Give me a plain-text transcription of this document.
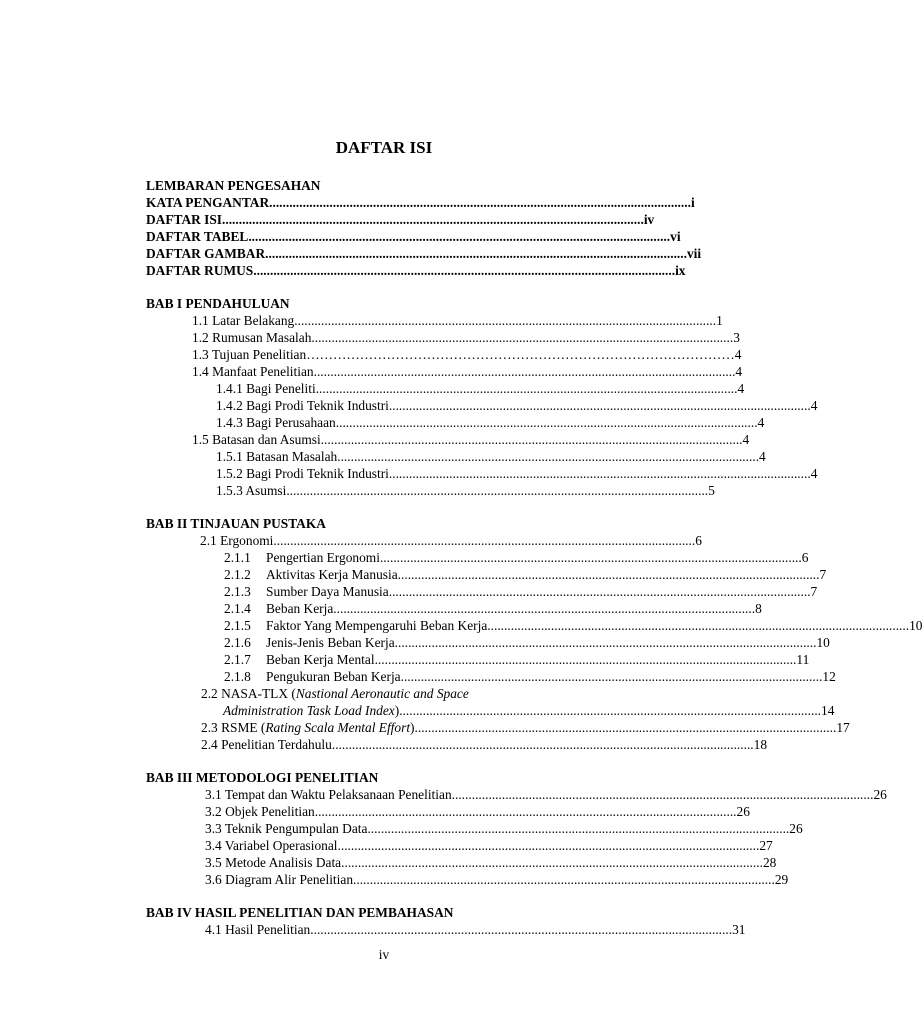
DAFTAR ISI
LEMBARAN PENGESAHAN
KATA PENGANTAR .............................................................................................................................. i
DAFTAR ISI .............................................................................................................................. iv
DAFTAR TABEL .............................................................................................................................. vi
DAFTAR GAMBAR .............................................................................................................................. vii
DAFTAR RUMUS .............................................................................................................................. ix
BAB I PENDAHULUAN
1.1 Latar Belakang .............................................................................................................................. 1
1.2 Rumusan Masalah .............................................................................................................................. 3
1.3 Tujuan Penelitian …………………………………………………………………………………… 4
1.4 Manfaat Penelitian .............................................................................................................................. 4
1.4.1 Bagi Peneliti .............................................................................................................................. 4
1.4.2 Bagi Prodi Teknik Industri .............................................................................................................................. 4
1.4.3 Bagi Perusahaan .............................................................................................................................. 4
1.5 Batasan dan Asumsi .............................................................................................................................. 4
1.5.1 Batasan Masalah .............................................................................................................................. 4
1.5.2 Bagi Prodi Teknik Industri .............................................................................................................................. 4
1.5.3 Asumsi .............................................................................................................................. 5
BAB II TINJAUAN PUSTAKA
2.1 Ergonomi .............................................................................................................................. 6
2.1.1 Pengertian Ergonomi .............................................................................................................................. 6
2.1.2 Aktivitas Kerja Manusia .............................................................................................................................. 7
2.1.3 Sumber Daya Manusia .............................................................................................................................. 7
2.1.4 Beban Kerja .............................................................................................................................. 8
2.1.5 Faktor Yang Mempengaruhi Beban Kerja .............................................................................................................................. 10
2.1.6 Jenis-Jenis Beban Kerja .............................................................................................................................. 10
2.1.7 Beban Kerja Mental .............................................................................................................................. 11
2.1.8 Pengukuran Beban Kerja .............................................................................................................................. 12
2.2 NASA-TLX (Nastional Aeronautic and Space
Administration Task Load Index) .............................................................................................................................. 14
2.3 RSME (Rating Scala Mental Effort) .............................................................................................................................. 17
2.4 Penelitian Terdahulu .............................................................................................................................. 18
BAB III METODOLOGI PENELITIAN
3.1 Tempat dan Waktu Pelaksanaan Penelitian .............................................................................................................................. 26
3.2 Objek Penelitian .............................................................................................................................. 26
3.3 Teknik Pengumpulan Data .............................................................................................................................. 26
3.4 Variabel Operasional .............................................................................................................................. 27
3.5 Metode Analisis Data .............................................................................................................................. 28
3.6 Diagram Alir Penelitian .............................................................................................................................. 29
BAB IV HASIL PENELITIAN DAN PEMBAHASAN
4.1 Hasil Penelitian .............................................................................................................................. 31
iv
